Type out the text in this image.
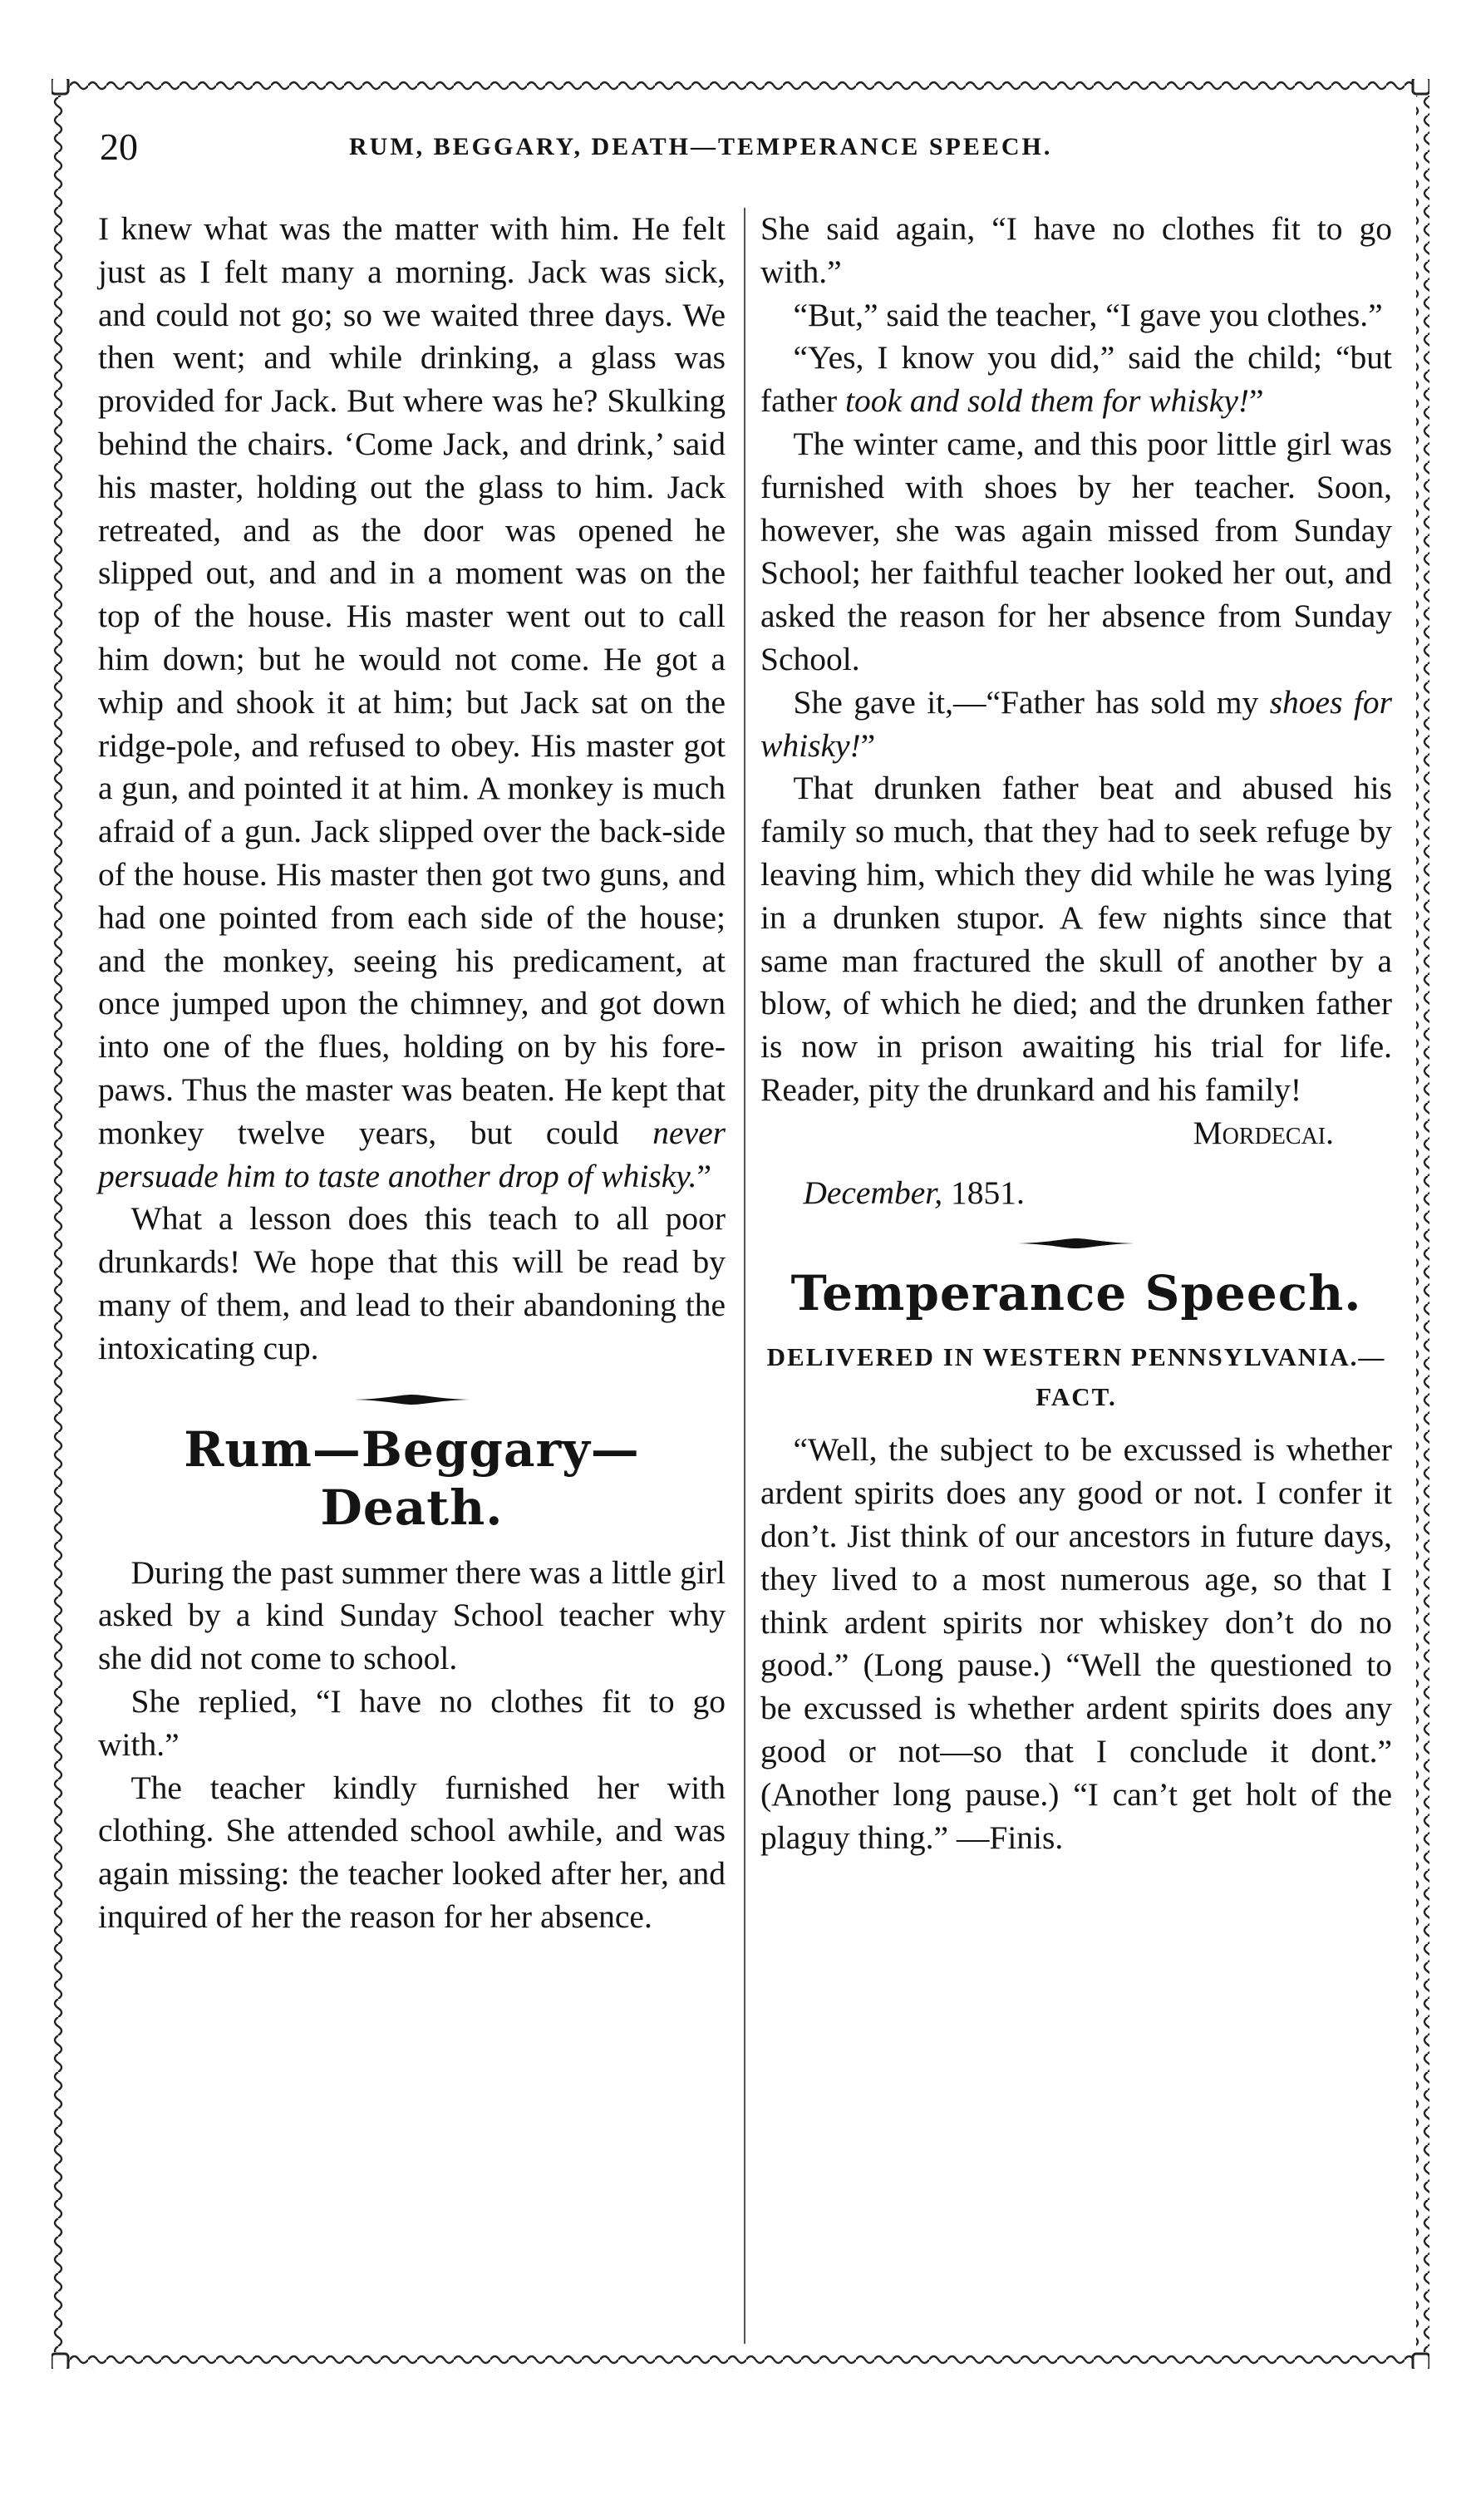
20	RUM, BEGGARY, DEATH—TEMPERANCE SPEECH.

I knew what was the matter with him. He felt just as I felt many a morning. Jack was sick, and could not go; so we waited three days. We then went; and while drinking, a glass was provided for Jack. But where was he? Skulking behind the chairs. ‘Come Jack, and drink,’ said his master, holding out the glass to him. Jack retreated, and as the door was opened he slipped out, and and in a moment was on the top of the house. His master went out to call him down; but he would not come. He got a whip and shook it at him; but Jack sat on the ridge-pole, and refused to obey. His master got a gun, and pointed it at him. A monkey is much afraid of a gun. Jack slipped over the back-side of the house. His master then got two guns, and had one pointed from each side of the house; and the monkey, seeing his predicament, at once jumped upon the chimney, and got down into one of the flues, holding on by his fore-paws. Thus the master was beaten. He kept that monkey twelve years, but could never persuade him to taste another drop of whisky.”

What a lesson does this teach to all poor drunkards! We hope that this will be read by many of them, and lead to their abandoning the intoxicating cup.

Rum—Beggary—Death.

During the past summer there was a little girl asked by a kind Sunday School teacher why she did not come to school.

She replied, “I have no clothes fit to go with.”

The teacher kindly furnished her with clothing. She attended school awhile, and was again missing: the teacher looked after her, and inquired of her the reason for her absence.

She said again, “I have no clothes fit to go with.”

“But,” said the teacher, “I gave you clothes.”

“Yes, I know you did,” said the child; “but father took and sold them for whisky!”

The winter came, and this poor little girl was furnished with shoes by her teacher. Soon, however, she was again missed from Sunday School; her faithful teacher looked her out, and asked the reason for her absence from Sunday School.

She gave it,—“Father has sold my shoes for whisky!”

That drunken father beat and abused his family so much, that they had to seek refuge by leaving him, which they did while he was lying in a drunken stupor. A few nights since that same man fractured the skull of another by a blow, of which he died; and the drunken father is now in prison awaiting his trial for life. Reader, pity the drunkard and his family!

Mordecai.

December, 1851.

Temperance Speech.
DELIVERED IN WESTERN PENNSYLVANIA.—FACT.

“Well, the subject to be excussed is whether ardent spirits does any good or not. I confer it don’t. Jist think of our ancestors in future days, they lived to a most numerous age, so that I think ardent spirits nor whiskey don’t do no good.” (Long pause.) “Well the questioned to be excussed is whether ardent spirits does any good or not—so that I conclude it dont.” (Another long pause.) “I can’t get holt of the plaguy thing.” —Finis.
